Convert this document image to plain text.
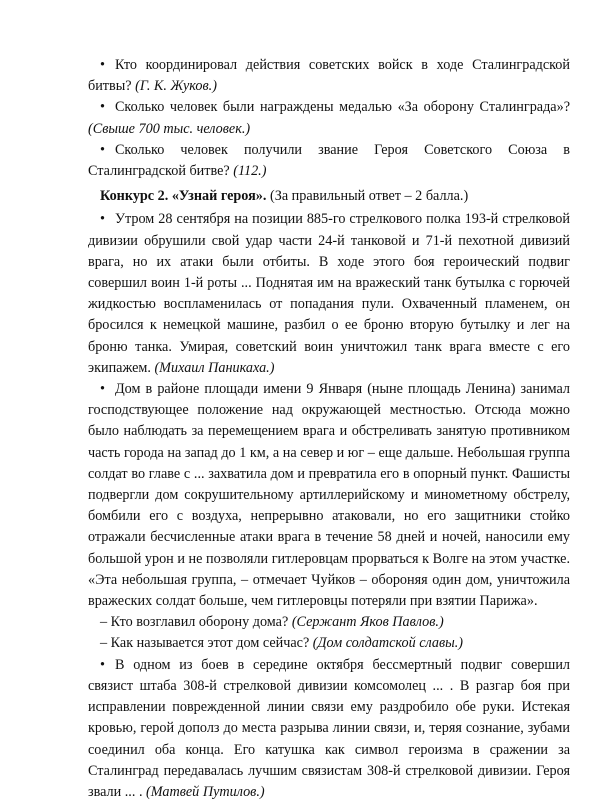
• Кто координировал действия советских войск в ходе Сталинградской битвы? (Г. К. Жуков.)

• Сколько человек были награждены медалью «За оборону Сталинграда»? (Свыше 700 тыс. человек.)

• Сколько человек получили звание Героя Советского Союза в Сталинградской битве? (112.)

Конкурс 2. «Узнай героя». (За правильный ответ – 2 балла.)

• Утром 28 сентября на позиции 885-го стрелкового полка 193-й стрелковой дивизии обрушили свой удар части 24-й танковой и 71-й пехотной дивизий врага, но их атаки были отбиты. В ходе этого боя героический подвиг совершил воин 1-й роты ... Поднятая им на вражеский танк бутылка с горючей жидкостью воспламенилась от попадания пули. Охваченный пламенем, он бросился к немецкой машине, разбил о ее броню вторую бутылку и лег на броню танка. Умирая, советский воин уничтожил танк врага вместе с его экипажем. (Михаил Паникаха.)

• Дом в районе площади имени 9 Января (ныне площадь Ленина) занимал господствующее положение над окружающей местностью. Отсюда можно было наблюдать за перемещением врага и обстреливать занятую противником часть города на запад до 1 км, а на север и юг – еще дальше. Небольшая группа солдат во главе с ... захватила дом и превратила его в опорный пункт. Фашисты подвергли дом сокрушительному артиллерийскому и минометному обстрелу, бомбили его с воздуха, непрерывно атаковали, но его защитники стойко отражали бесчисленные атаки врага в течение 58 дней и ночей, наносили ему большой урон и не позволяли гитлеровцам прорваться к Волге на этом участке. «Эта небольшая группа, – отмечает Чуйков – обороняя один дом, уничтожила вражеских солдат больше, чем гитлеровцы потеряли при взятии Парижа».

– Кто возглавил оборону дома? (Сержант Яков Павлов.)

– Как называется этот дом сейчас? (Дом солдатской славы.)

• В одном из боев в середине октября бессмертный подвиг совершил связист штаба 308-й стрелковой дивизии комсомолец ... . В разгар боя при исправлении поврежденной линии связи ему раздробило обе руки. Истекая кровью, герой дополз до места разрыва линии связи, и, теряя сознание, зубами соединил оба конца. Его катушка как символ героизма в сражении за Сталинград передавалась лучшим связистам 308-й стрелковой дивизии. Героя звали ... . (Матвей Путилов.)
